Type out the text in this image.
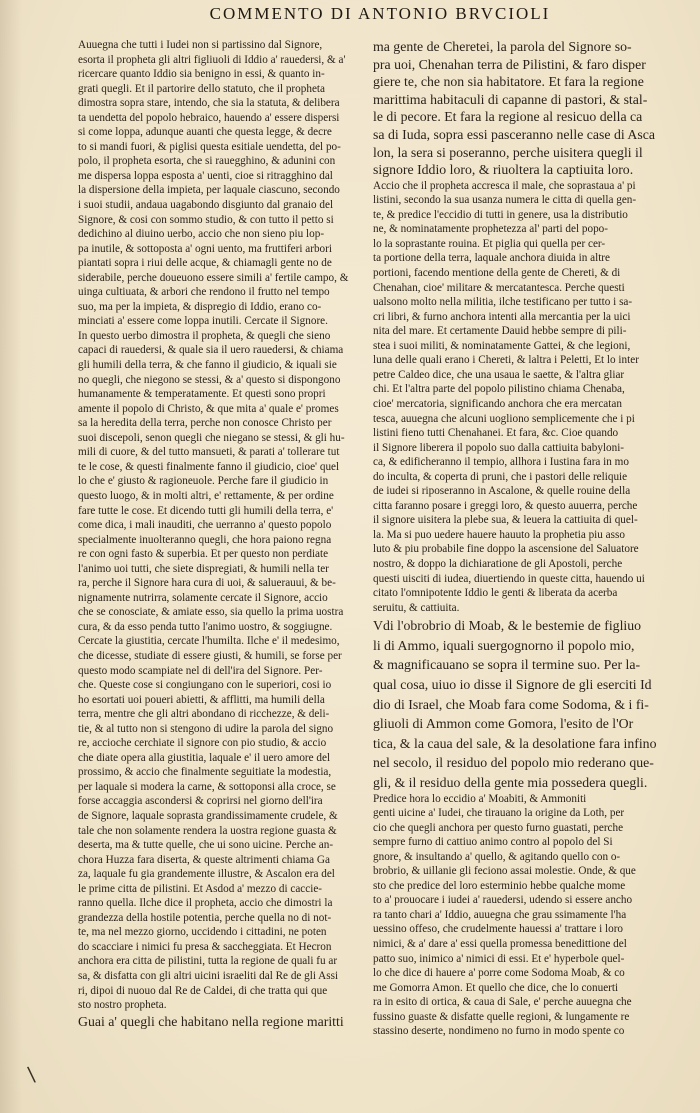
COMMENTO DI ANTONIO BRVCIOLI
Auuegna che tutti i Iudei non si partissino dal Signore,
esorta il propheta gli altri figliuoli di Iddio a' rauedersi, & a'
ricercare quanto Iddio sia benigno in essi, & quanto in-
grati quegli. Et il partorire dello statuto, che il propheta
dimostra sopra stare, intendo, che sia la statuta, & delibera
ta uendetta del popolo hebraico, hauendo a' essere dispersi
si come loppa, adunque auanti che questa legge, & decre
to si mandi fuori, & piglisi questa esitiale uendetta, del po-
polo, il propheta esorta, che si rauegghino, & adunini con
me dispersa loppa esposta a' uenti, cioe si ritragghino dal
la dispersione della impieta, per laquale ciascuno, secondo
i suoi studii, andaua uagabondo disgiunto dal granaio del
Signore, & cosi con sommo studio, & con tutto il petto si
dedichino al diuino uerbo, accio che non sieno piu lop-
pa inutile, & sottoposta a' ogni uento, ma fruttiferi arbori
piantati sopra i riui delle acque, & chiamagli gente no de
siderabile, perche doueuono essere simili a' fertile campo, &
uinga cultiuata, & arbori che rendono il frutto nel tempo
suo, ma per la impieta, & dispregio di Iddio, erano co-
minciati a' essere come loppa inutili. Cercate il Signore.
In questo uerbo dimostra il propheta, & quegli che sieno
capaci di rauedersi, & quale sia il uero rauedersi, & chiama
gli humili della terra, & che fanno il giudicio, & iquali sie
no quegli, che niegono se stessi, & a' questo si dispongono
humanamente & temperatamente. Et questi sono propri
amente il popolo di Christo, & que mita a' quale e' promes
sa la heredita della terra, perche non conosce Christo per
suoi discepoli, senon quegli che niegano se stessi, & gli hu-
mili di cuore, & del tutto mansueti, & parati a' tollerare tut
te le cose, & questi finalmente fanno il giudicio, cioe' quel
lo che e' giusto & ragioneuole. Perche fare il giudicio in
questo luogo, & in molti altri, e' rettamente, & per ordine
fare tutte le cose. Et dicendo tutti gli humili della terra, e'
come dica, i mali inauditi, che uerranno a' questo popolo
specialmente inuolteranno quegli, che hora paiono regna
re con ogni fasto & superbia. Et per questo non perdiate
l'animo uoi tutti, che siete dispregiati, & humili nella ter
ra, perche il Signore hara cura di uoi, & saluerauui, & be-
nignamente nutrirra, solamente cercate il Signore, accio
che se conosciate, & amiate esso, sia quello la prima uostra
cura, & da esso penda tutto l'animo uostro, & soggiugne.
Cercate la giustitia, cercate l'humilta. Ilche e' il medesimo,
che dicesse, studiate di essere giusti, & humili, se forse per
questo modo scampiate nel di dell'ira del Signore. Per-
che. Queste cose si congiungano con le superiori, cosi io
ho esortati uoi poueri abietti, & afflitti, ma humili della
terra, mentre che gli altri abondano di ricchezze, & deli-
tie, & al tutto non si stengono di udire la parola del signo
re, accioche cerchiate il signore con pio studio, & accio
che diate opera alla giustitia, laquale e' il uero amore del
prossimo, & accio che finalmente seguitiate la modestia,
per laquale si modera la carne, & sottoponsi alla croce, se
forse accaggia ascondersi & coprirsi nel giorno dell'ira
de Signore, laquale soprasta grandissimamente crudele, &
tale che non solamente rendera la uostra regione guasta &
deserta, ma & tutte quelle, che ui sono uicine. Perche an-
chora Huzza fara diserta, & queste altrimenti chiama Ga
za, laquale fu gia grandemente illustre, & Ascalon era del
le prime citta de pilistini. Et Asdod a' mezzo di caccie-
ranno quella. Ilche dice il propheta, accio che dimostri la
grandezza della hostile potentia, perche quella no di not-
te, ma nel mezzo giorno, uccidendo i cittadini, ne poten
do scacciare i nimici fu presa & saccheggiata. Et Hecron
anchora era citta de pilistini, tutta la regione de quali fu ar
sa, & disfatta con gli altri uicini israeliti dal Re de gli Assi
ri, dipoi di nuouo dal Re de Caldei, di che tratta qui que
sto nostro propheta.
Guai a' quegli che habitano nella regione maritti
ma gente de Cheretei, la parola del Signore so-
pra uoi, Chenahan terra de Pilistini, & faro disper
giere te, che non sia habitatore. Et fara la regione
marittima habitaculi di capanne di pastori, & stal-
le di pecore. Et fara la regione al resicuo della ca
sa di Iuda, sopra essi pasceranno nelle case di Asca
lon, la sera si poseranno, perche uisitera quegli il
signore Iddio loro, & riuoltera la captiuita loro.
Accio che il propheta accresca il male, che soprastaua a' pi
listini, secondo la sua usanza numera le citta di quella gen-
te, & predice l'eccidio di tutti in genere, usa la distributio
ne, & nominatamente prophetezza al' parti del popo-
lo la soprastante rouina. Et piglia qui quella per cer-
ta portione della terra, laquale anchora diuida in altre
portioni, facendo mentione della gente de Chereti, & di
Chenahan, cioe' militare & mercatantesca. Perche questi
ualsono molto nella militia, ilche testificano per tutto i sa-
cri libri, & furno anchora intenti alla mercantia per la uici
nita del mare. Et certamente Dauid hebbe sempre di pili-
stea i suoi militi, & nominatamente Gattei, & che legioni,
luna delle quali erano i Chereti, & laltra i Peletti, Et lo inter
petre Caldeo dice, che una usaua le saette, & l'altra gliar
chi. Et l'altra parte del popolo pilistino chiama Chenaba,
cioe' mercatoria, significando anchora che era mercatan
tesca, auuegna che alcuni uogliono semplicemente che i pi
listini fieno tutti Chenahanei. Et fara, &c. Cioe quando
il Signore liberera il popolo suo dalla cattiuita babyloni-
ca, & edificheranno il tempio, allhora i Iustina fara in mo
do inculta, & coperta di pruni, che i pastori delle reliquie
de iudei si riposeranno in Ascalone, & quelle rouine della
citta faranno posare i greggi loro, & questo auuerra, perche
il signore uisitera la plebe sua, & leuera la cattiuita di quel-
la. Ma si puo uedere hauere hauuto la prophetia piu asso
luto & piu probabile fine doppo la ascensione del Saluatore
nostro, & doppo la dichiaratione de gli Apostoli, perche
questi uisciti di iudea, diuertiendo in queste citta, hauendo ui
citato l'omnipotente Iddio le genti & liberata da acerba
seruitu, & cattiuita.
Vdi l'obrobrio di Moab, & le bestemie de figliuo
li di Ammo, iquali suergognorno il popolo mio,
& magnificauano se sopra il termine suo. Per la-
qual cosa, uiuo io disse il Signore de gli eserciti Id
dio di Israel, che Moab fara come Sodoma, & i fi-
gliuoli di Ammon come Gomora, l'esito de l'Or
tica, & la caua del sale, & la desolatione fara infino
nel secolo, il residuo del popolo mio rederano que-
gli, & il residuo della gente mia possedera quegli.
Predice hora lo eccidio a' Moabiti, & Ammoniti
genti uicine a' Iudei, che tirauano la origine da Loth, per
cio che quegli anchora per questo furno guastati, perche
sempre furno di cattiuo animo contro al popolo del Si
gnore, & insultando a' quello, & agitando quello con o-
brobrio, & uillanie gli feciono assai molestie. Onde, & que
sto che predice del loro esterminio hebbe qualche mome
to a' prouocare i iudei a' rauedersi, udendo si essere ancho
ra tanto chari a' Iddio, auuegna che grau ssimamente l'ha
uessino offeso, che crudelmente hauessi a' trattare i loro
nimici, & a' dare a' essi quella promessa benedittione del
patto suo, inimico a' nimici di essi. Et e' hyperbole quel-
lo che dice di hauere a' porre come Sodoma Moab, & co
me Gomorra Amon. Et quello che dice, che lo conuerti
ra in esito di ortica, & caua di Sale, e' perche auuegna che
fussino guaste & disfatte quelle regioni, & lungamente re
stassino deserte, nondimeno no furno in modo spente co
\
